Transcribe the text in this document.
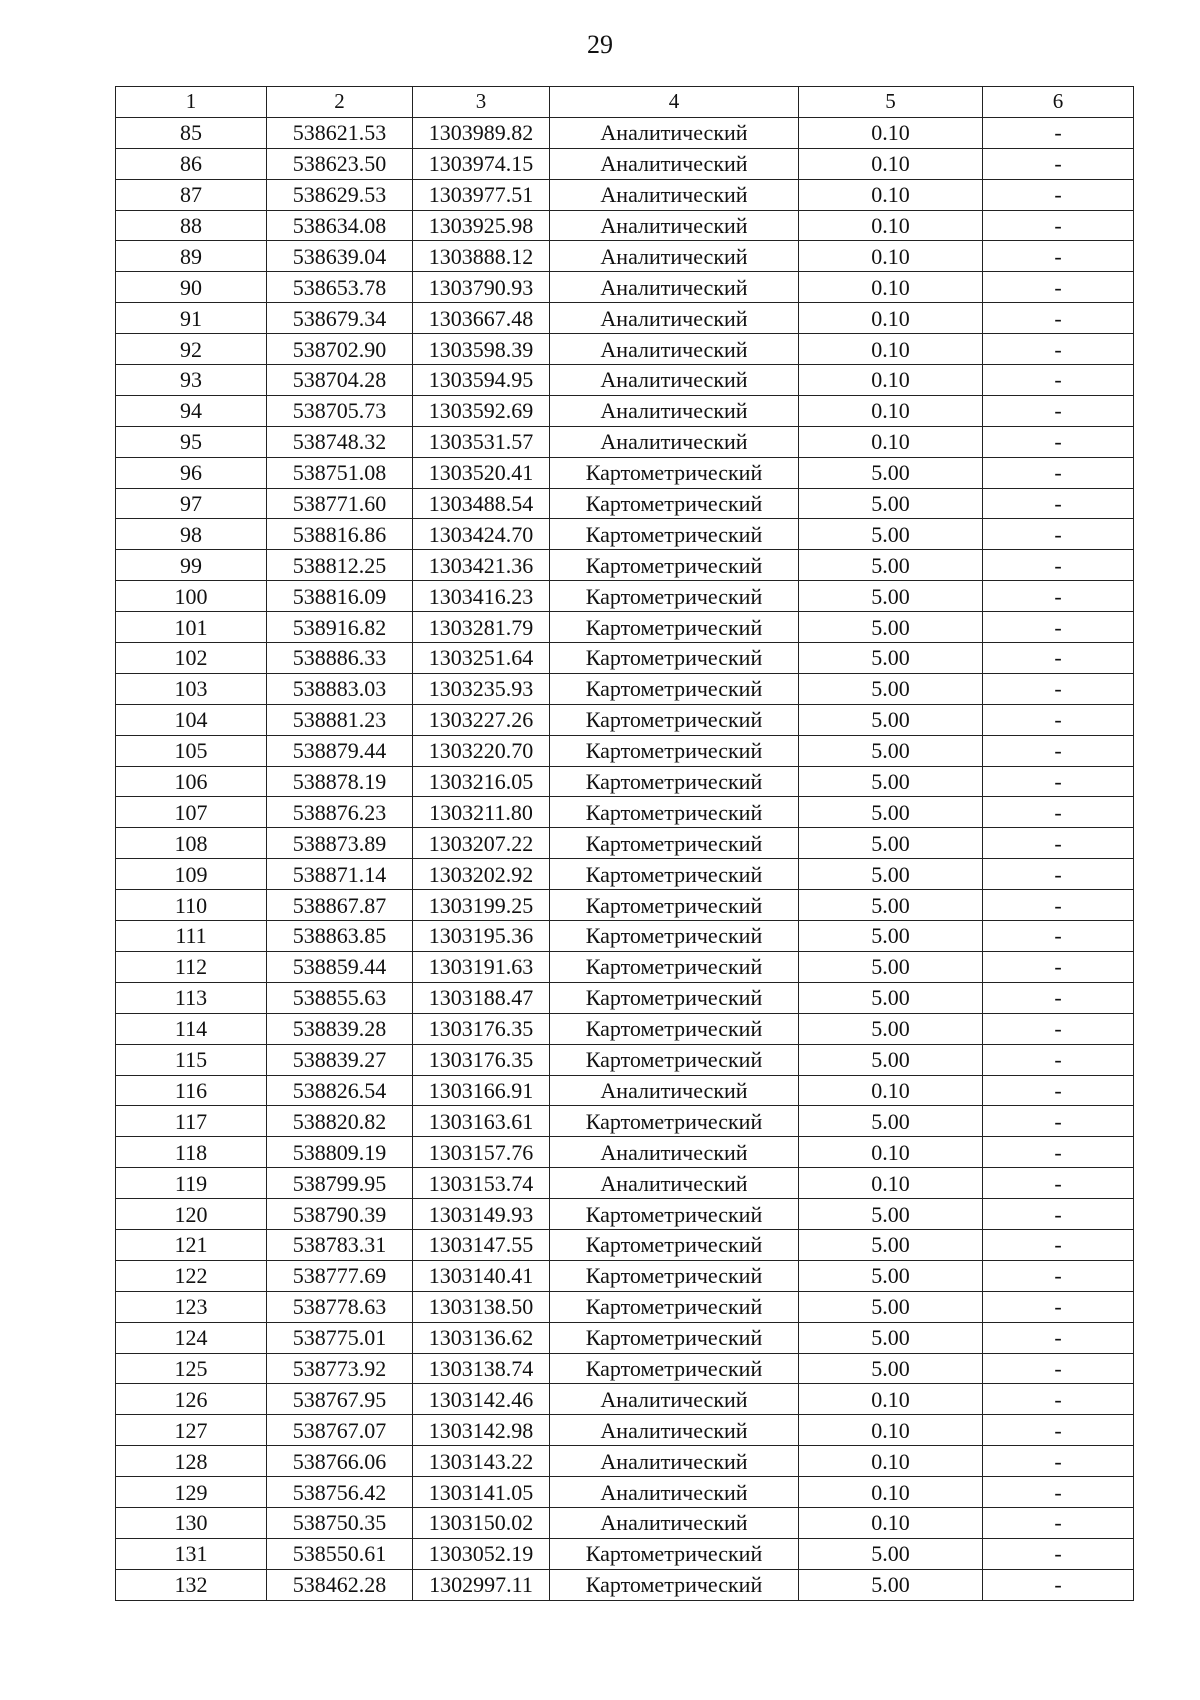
29
1	2	3	4	5	6
85	538621.53	1303989.82	Аналитический	0.10	-
86	538623.50	1303974.15	Аналитический	0.10	-
87	538629.53	1303977.51	Аналитический	0.10	-
88	538634.08	1303925.98	Аналитический	0.10	-
89	538639.04	1303888.12	Аналитический	0.10	-
90	538653.78	1303790.93	Аналитический	0.10	-
91	538679.34	1303667.48	Аналитический	0.10	-
92	538702.90	1303598.39	Аналитический	0.10	-
93	538704.28	1303594.95	Аналитический	0.10	-
94	538705.73	1303592.69	Аналитический	0.10	-
95	538748.32	1303531.57	Аналитический	0.10	-
96	538751.08	1303520.41	Картометрический	5.00	-
97	538771.60	1303488.54	Картометрический	5.00	-
98	538816.86	1303424.70	Картометрический	5.00	-
99	538812.25	1303421.36	Картометрический	5.00	-
100	538816.09	1303416.23	Картометрический	5.00	-
101	538916.82	1303281.79	Картометрический	5.00	-
102	538886.33	1303251.64	Картометрический	5.00	-
103	538883.03	1303235.93	Картометрический	5.00	-
104	538881.23	1303227.26	Картометрический	5.00	-
105	538879.44	1303220.70	Картометрический	5.00	-
106	538878.19	1303216.05	Картометрический	5.00	-
107	538876.23	1303211.80	Картометрический	5.00	-
108	538873.89	1303207.22	Картометрический	5.00	-
109	538871.14	1303202.92	Картометрический	5.00	-
110	538867.87	1303199.25	Картометрический	5.00	-
111	538863.85	1303195.36	Картометрический	5.00	-
112	538859.44	1303191.63	Картометрический	5.00	-
113	538855.63	1303188.47	Картометрический	5.00	-
114	538839.28	1303176.35	Картометрический	5.00	-
115	538839.27	1303176.35	Картометрический	5.00	-
116	538826.54	1303166.91	Аналитический	0.10	-
117	538820.82	1303163.61	Картометрический	5.00	-
118	538809.19	1303157.76	Аналитический	0.10	-
119	538799.95	1303153.74	Аналитический	0.10	-
120	538790.39	1303149.93	Картометрический	5.00	-
121	538783.31	1303147.55	Картометрический	5.00	-
122	538777.69	1303140.41	Картометрический	5.00	-
123	538778.63	1303138.50	Картометрический	5.00	-
124	538775.01	1303136.62	Картометрический	5.00	-
125	538773.92	1303138.74	Картометрический	5.00	-
126	538767.95	1303142.46	Аналитический	0.10	-
127	538767.07	1303142.98	Аналитический	0.10	-
128	538766.06	1303143.22	Аналитический	0.10	-
129	538756.42	1303141.05	Аналитический	0.10	-
130	538750.35	1303150.02	Аналитический	0.10	-
131	538550.61	1303052.19	Картометрический	5.00	-
132	538462.28	1302997.11	Картометрический	5.00	-
